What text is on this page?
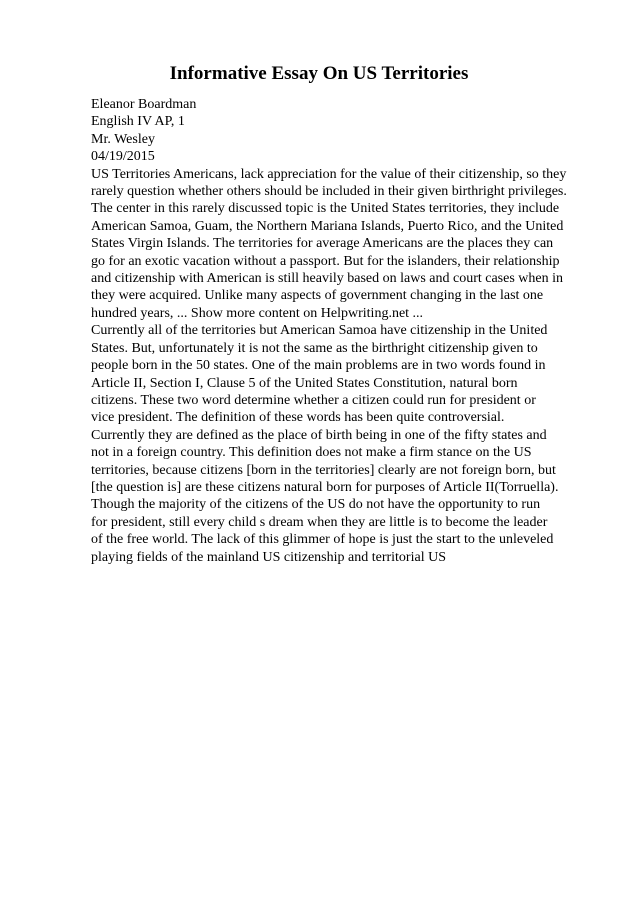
Informative Essay On US Territories
Eleanor Boardman
English IV AP, 1
Mr. Wesley
04/19/2015
US Territories Americans, lack appreciation for the value of their citizenship, so they
rarely question whether others should be included in their given birthright privileges.
The center in this rarely discussed topic is the United States territories, they include
American Samoa, Guam, the Northern Mariana Islands, Puerto Rico, and the United
States Virgin Islands. The territories for average Americans are the places they can
go for an exotic vacation without a passport. But for the islanders, their relationship
and citizenship with American is still heavily based on laws and court cases when in
they were acquired. Unlike many aspects of government changing in the last one
hundred years, ... Show more content on Helpwriting.net ...
Currently all of the territories but American Samoa have citizenship in the United
States. But, unfortunately it is not the same as the birthright citizenship given to
people born in the 50 states. One of the main problems are in two words found in
Article II, Section I, Clause 5 of the United States Constitution, natural born
citizens. These two word determine whether a citizen could run for president or
vice president. The definition of these words has been quite controversial.
Currently they are defined as the place of birth being in one of the fifty states and
not in a foreign country. This definition does not make a firm stance on the US
territories, because citizens [born in the territories] clearly are not foreign born, but
[the question is] are these citizens natural born for purposes of Article II(Torruella).
Though the majority of the citizens of the US do not have the opportunity to run
for president, still every child s dream when they are little is to become the leader
of the free world. The lack of this glimmer of hope is just the start to the unleveled
playing fields of the mainland US citizenship and territorial US
